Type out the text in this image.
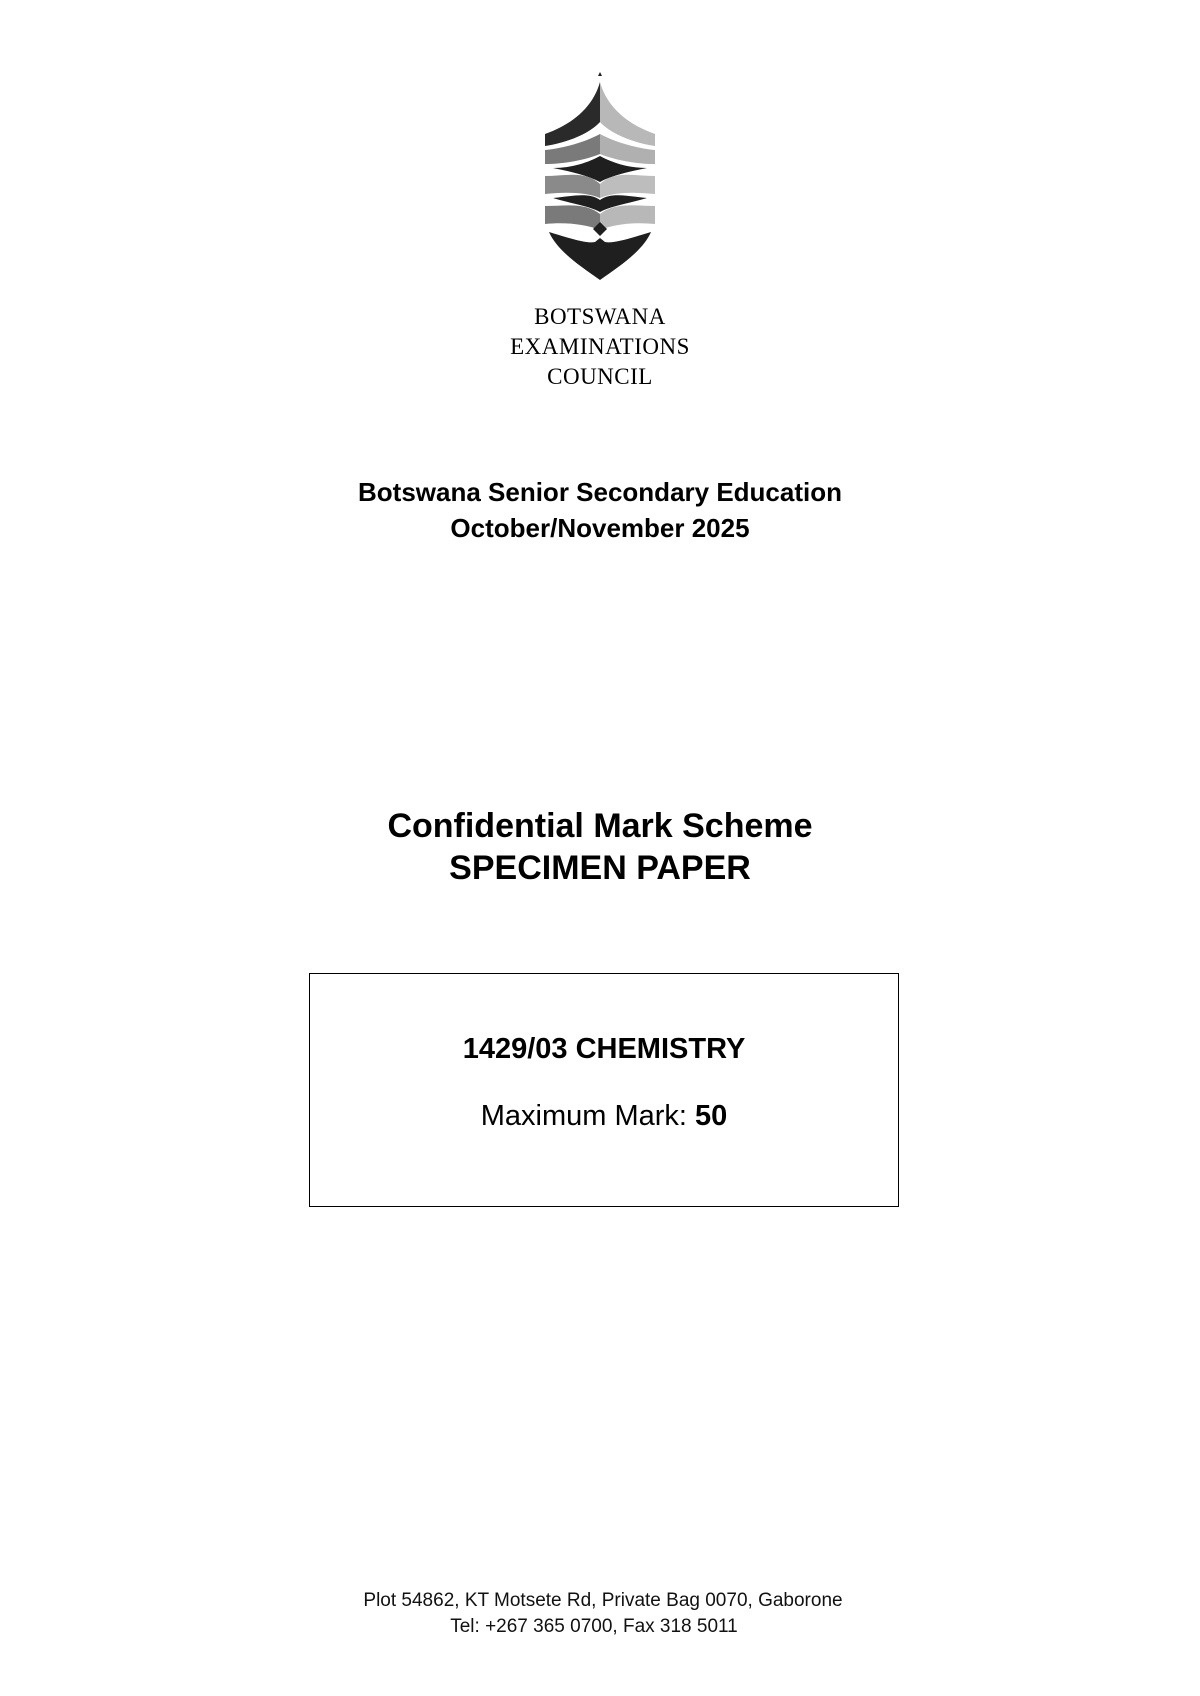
BOTSWANA
EXAMINATIONS
COUNCIL
Botswana Senior Secondary Education
October/November 2025
Confidential Mark Scheme
SPECIMEN PAPER
1429/03 CHEMISTRY
Maximum Mark: 50
Plot 54862, KT Motsete Rd, Private Bag 0070, Gaborone
Tel: +267 365 0700, Fax 318 5011
